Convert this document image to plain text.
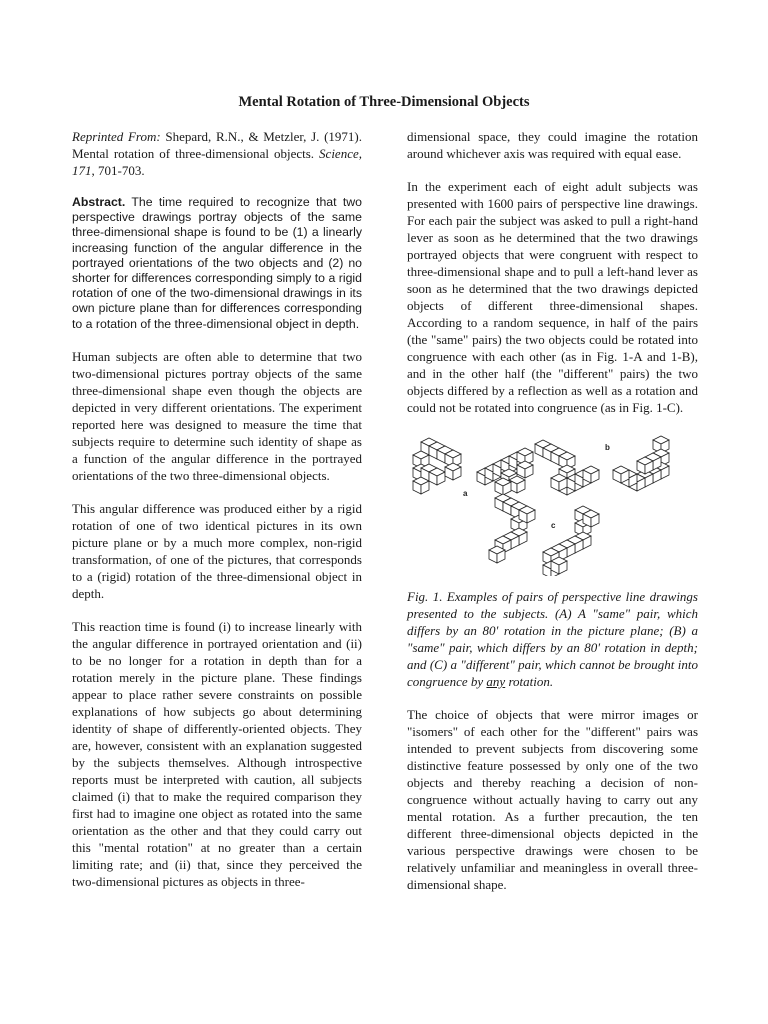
Mental Rotation of Three-Dimensional Objects

Reprinted From: Shepard, R.N., & Metzler, J. (1971). Mental rotation of three-dimensional objects. Science, 171, 701-703.

Abstract. The time required to recognize that two perspective drawings portray objects of the same three-dimensional shape is found to be (1) a linearly increasing function of the angular difference in the portrayed orientations of the two objects and (2) no shorter for differences corresponding simply to a rigid rotation of one of the two-dimensional drawings in its own picture plane than for differences corresponding to a rotation of the three-dimensional object in depth.

Human subjects are often able to determine that two two-dimensional pictures portray objects of the same three-dimensional shape even though the objects are depicted in very different orientations. The experiment reported here was designed to measure the time that subjects require to determine such identity of shape as a function of the angular difference in the portrayed orientations of the two three-dimensional objects.

This angular difference was produced either by a rigid rotation of one of two identical pictures in its own picture plane or by a much more complex, non-rigid transformation, of one of the pictures, that corresponds to a (rigid) rotation of the three-dimensional object in depth.

This reaction time is found (i) to increase linearly with the angular difference in portrayed orientation and (ii) to be no longer for a rotation in depth than for a rotation merely in the picture plane. These findings appear to place rather severe constraints on possible explanations of how subjects go about determining identity of shape of differently-oriented objects. They are, however, consistent with an explanation suggested by the subjects themselves. Although introspective reports must be interpreted with caution, all subjects claimed (i) that to make the required comparison they first had to imagine one object as rotated into the same orientation as the other and that they could carry out this "mental rotation" at no greater than a certain limiting rate; and (ii) that, since they perceived the two-dimensional pictures as objects in three-

dimensional space, they could imagine the rotation around whichever axis was required with equal ease.

In the experiment each of eight adult subjects was presented with 1600 pairs of perspective line drawings. For each pair the subject was asked to pull a right-hand lever as soon as he determined that the two drawings portrayed objects that were congruent with respect to three-dimensional shape and to pull a left-hand lever as soon as he determined that the two drawings depicted objects of different three-dimensional shapes. According to a random sequence, in half of the pairs (the "same" pairs) the two objects could be rotated into congruence with each other (as in Fig. 1-A and 1-B), and in the other half (the "different" pairs) the two objects differed by a reflection as well as a rotation and could not be rotated into congruence (as in Fig. 1-C).

a
b
c

Fig. 1. Examples of pairs of perspective line drawings presented to the subjects. (A) A "same" pair, which differs by an 80' rotation in the picture plane; (B) a "same" pair, which differs by an 80' rotation in depth; and (C) a "different" pair, which cannot be brought into congruence by any rotation.

The choice of objects that were mirror images or "isomers" of each other for the "different" pairs was intended to prevent subjects from discovering some distinctive feature possessed by only one of the two objects and thereby reaching a decision of non-congruence without actually having to carry out any mental rotation. As a further precaution, the ten different three-dimensional objects depicted in the various perspective drawings were chosen to be relatively unfamiliar and meaningless in overall three-dimensional shape.
